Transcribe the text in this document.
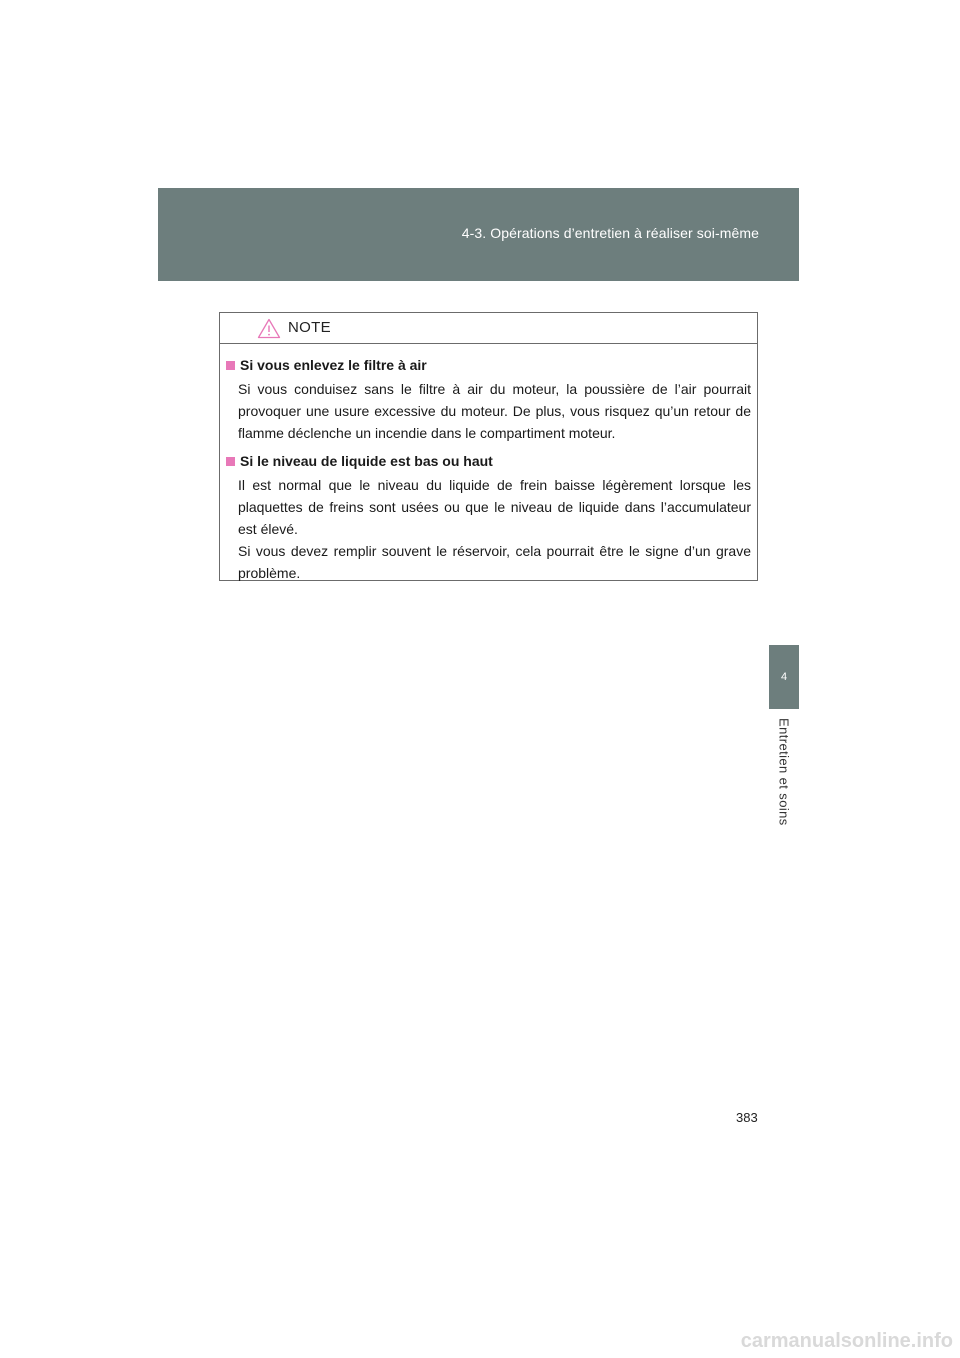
4-3. Opérations d’entretien à réaliser soi-même
4
Entretien et soins
NOTE
Si vous enlevez le filtre à air

Si vous conduisez sans le filtre à air du moteur, la poussière de l’air pourrait provoquer une usure excessive du moteur. De plus, vous risquez qu’un retour de flamme déclenche un incendie dans le compartiment moteur.

Si le niveau de liquide est bas ou haut

Il est normal que le niveau du liquide de frein baisse légèrement lorsque les plaquettes de freins sont usées ou que le niveau de liquide dans l’accumulateur est élevé.

Si vous devez remplir souvent le réservoir, cela pourrait être le signe d’un grave problème.

383
carmanualsonline.info
